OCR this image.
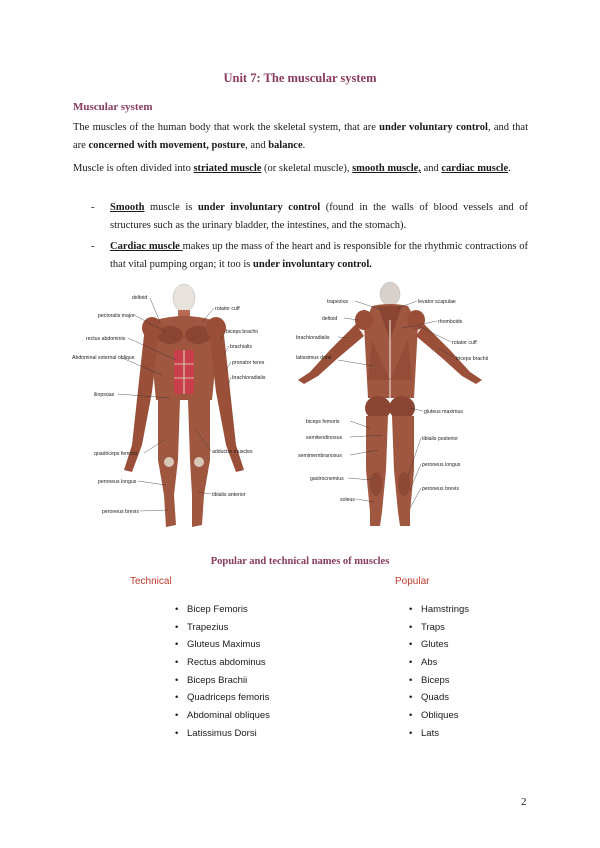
Unit 7: The muscular system
Muscular system

The muscles of the human body that work the skeletal system, that are under voluntary control, and that are concerned with movement, posture, and balance.

Muscle is often divided into striated muscle (or skeletal muscle), smooth muscle, and cardiac muscle.

- Smooth muscle is under involuntary control (found in the walls of blood vessels and of structures such as the urinary bladder, the intestines, and the stomach).
- Cardiac muscle makes up the mass of the heart and is responsible for the rhythmic contractions of that vital pumping organ; it too is under involuntary control.
deltoid
pectoralis major
rectus abdominis
Abdominal external oblique
iliopsoas
quadriceps femoris
peroneus longus
peroneus brevis
rotator cuff
biceps brachii
brachialis
pronator teres
brachioradialis
adductor muscles
tibialis anterior
trapezius
deltoid
brachioradialis
latissimus dorsi
biceps femoris
semitendinosus
semimembranosus
gastrocnemius
soleus
levator scapulae
rhomboids
rotator cuff
triceps brachii
gluteus maximus
tibialis posterior
peroneus longus
peroneus brevis
Popular and technical names of muscles
Technical	Popular
• Bicep Femoris
• Trapezius
• Gluteus Maximus
• Rectus abdominus
• Biceps Brachii
• Quadriceps femoris
• Abdominal obliques
• Latissimus Dorsi
• Hamstrings
• Traps
• Glutes
• Abs
• Biceps
• Quads
• Obliques
• Lats
2
